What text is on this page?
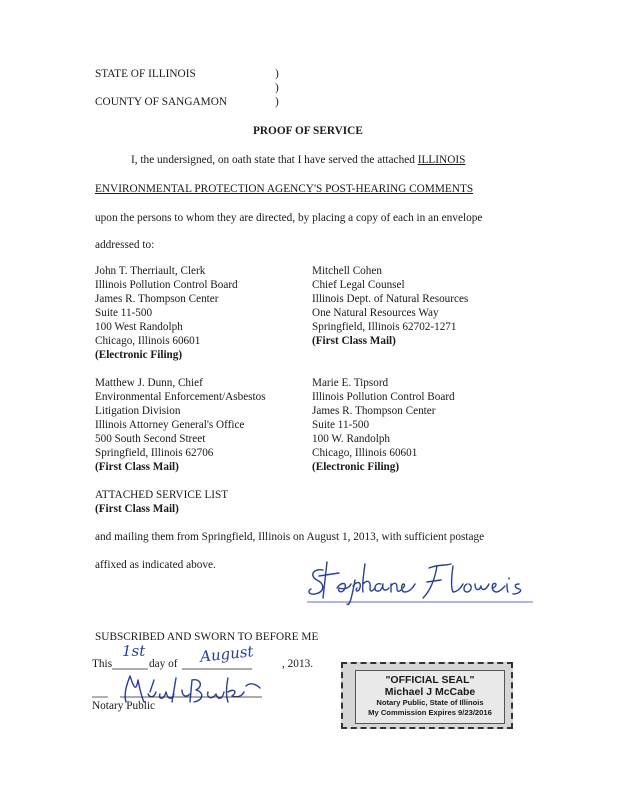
STATE OF ILLINOIS	)
)
COUNTY OF SANGAMON	)
PROOF OF SERVICE
I, the undersigned, on oath state that I have served the attached ILLINOIS
ENVIRONMENTAL PROTECTION AGENCY'S POST-HEARING COMMENTS
upon the persons to whom they are directed, by placing a copy of each in an envelope
addressed to:
John T. Therriault, Clerk
Illinois Pollution Control Board
James R. Thompson Center
Suite 11-500
100 West Randolph
Chicago, Illinois 60601
(Electronic Filing)
Mitchell Cohen
Chief Legal Counsel
Illinois Dept. of Natural Resources
One Natural Resources Way
Springfield, Illinois 62702-1271
(First Class Mail)
Matthew J. Dunn, Chief
Environmental Enforcement/Asbestos
Litigation Division
Illinois Attorney General's Office
500 South Second Street
Springfield, Illinois 62706
(First Class Mail)
Marie E. Tipsord
Illinois Pollution Control Board
James R. Thompson Center
Suite 11-500
100 W. Randolph
Chicago, Illinois 60601
(Electronic Filing)
ATTACHED SERVICE LIST
(First Class Mail)
and mailing them from Springfield, Illinois on August 1, 2013, with sufficient postage
affixed as indicated above.
SUBSCRIBED AND SWORN TO BEFORE ME
This
1st
day of August , 2013.
Notary Public
"OFFICIAL SEAL"
Michael J McCabe
Notary Public, State of Illinois
My Commission Expires 9/23/2016
